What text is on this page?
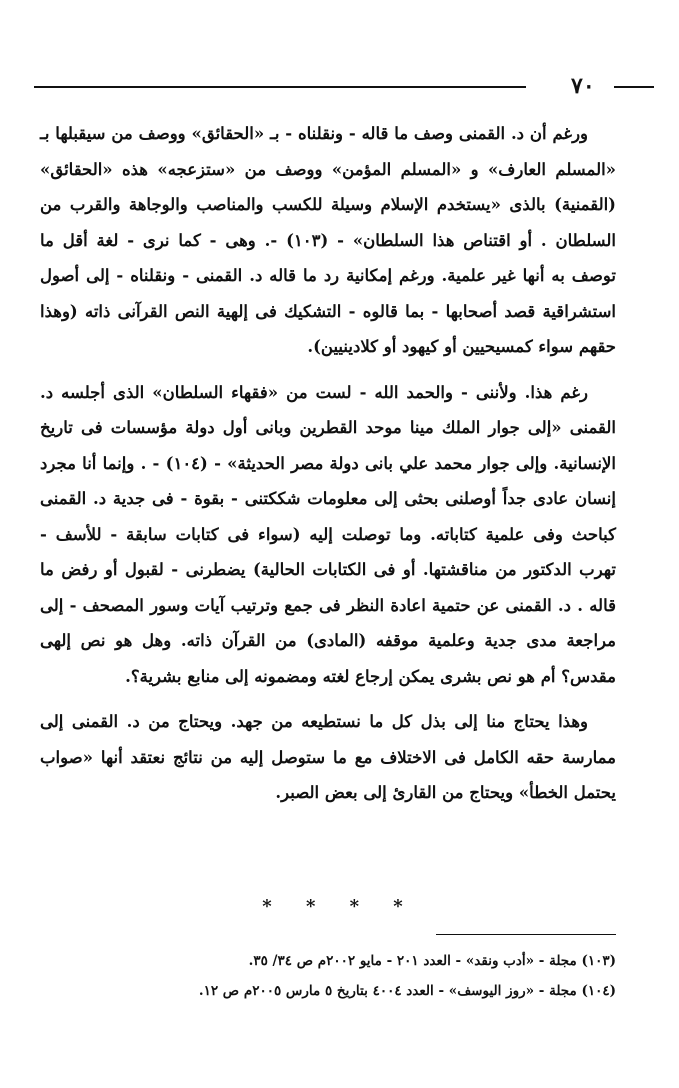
٧٠

ورغم أن د. القمنى وصف ما قاله - ونقلناه - بـ «الحقائق» ووصف من سيقبلها بـ «المسلم العارف» و «المسلم المؤمن» ووصف من «ستزعجه» هذه «الحقائق» (القمنية) بالذى «يستخدم الإسلام وسيلة للكسب والمناصب والوجاهة والقرب من السلطان . أو اقتناص هذا السلطان» - (١٠٣) -. وهى - كما نرى - لغة أقل ما توصف به أنها غير علمية. ورغم إمكانية رد ما قاله د. القمنى - ونقلناه - إلى أصول استشراقية قصد أصحابها - بما قالوه - التشكيك فى إلهية النص القرآنى ذاته (وهذا حقهم سواء كمسيحيين أو كيهود أو كلادينيين).

رغم هذا. ولأننى - والحمد الله - لست من «فقهاء السلطان» الذى أجلسه د. القمنى «إلى جوار الملك مينا موحد القطرين وبانى أول دولة مؤسسات فى تاريخ الإنسانية. وإلى جوار محمد علي بانى دولة مصر الحديثة» - (١٠٤) - . وإنما أنا مجرد إنسان عادى جداً أوصلنى بحثى إلى معلومات شككتنى - بقوة - فى جدية د. القمنى كباحث وفى علمية كتاباته. وما توصلت إليه (سواء فى كتابات سابقة - للأسف - تهرب الدكتور من مناقشتها. أو فى الكتابات الحالية) يضطرنى - لقبول أو رفض ما قاله . د. القمنى عن حتمية اعادة النظر فى جمع وترتيب آيات وسور المصحف - إلى مراجعة مدى جدية وعلمية موقفه (المادى) من القرآن ذاته. وهل هو نص إلهى مقدس؟ أم هو نص بشرى يمكن إرجاع لغته ومضمونه إلى منابع بشرية؟.

وهذا يحتاج منا إلى بذل كل ما نستطيعه من جهد. ويحتاج من د. القمنى إلى ممارسة حقه الكامل فى الاختلاف مع ما ستوصل إليه من نتائج نعتقد أنها «صواب يحتمل الخطأ» ويحتاج من القارئ إلى بعض الصبر.

* * * *
(١٠٣) مجلة - «أدب ونقد» - العدد ٢٠١ - مايو ٢٠٠٢م ص ٣٤/ ٣٥.
(١٠٤) مجلة - «روز اليوسف» - العدد ٤٠٠٤ بتاريخ ٥ مارس ٢٠٠٥م ص ١٢.
